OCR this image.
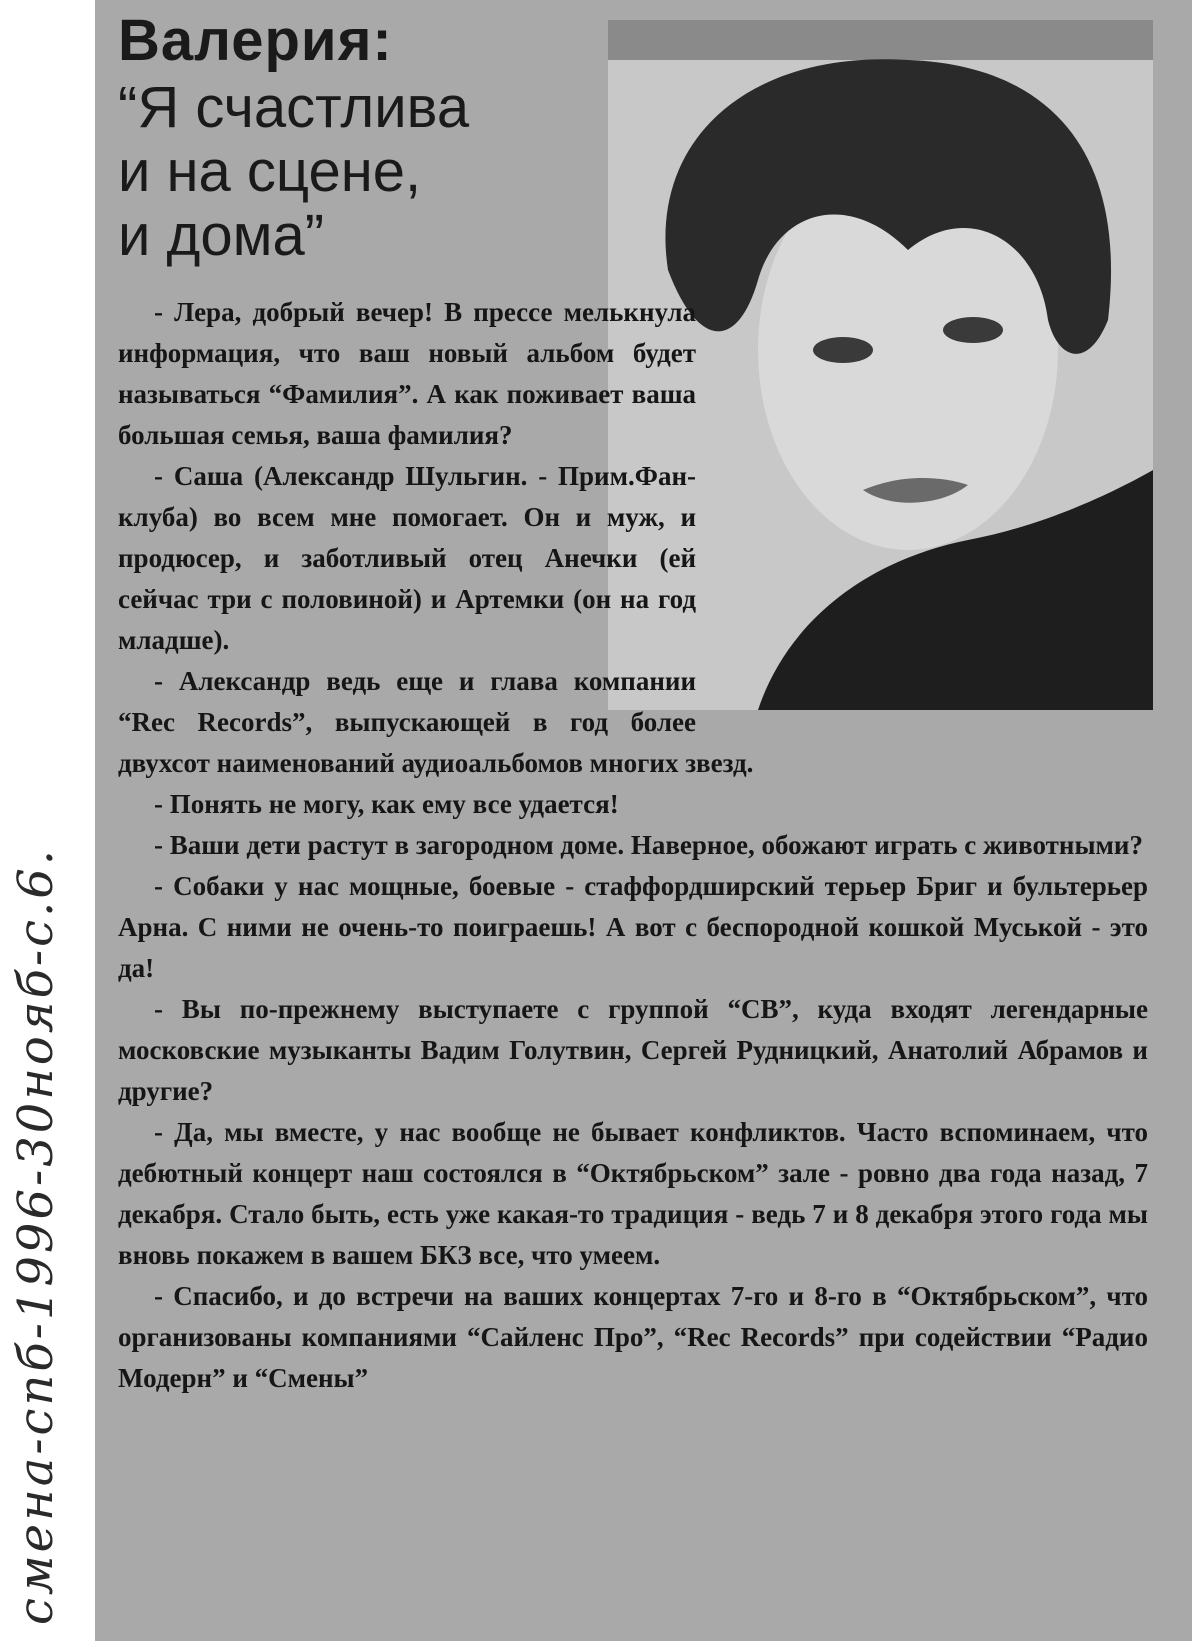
смена-спб-1996-30нояб-с.6.
Валерия:
“Я счастлива
и на сцене,
и дома”

- Лера, добрый вечер! В прессе мелькнула информация, что ваш новый альбом будет называться “Фамилия”. А как поживает ваша большая семья, ваша фамилия?

- Саша (Александр Шульгин. - Прим.Фан-клуба) во всем мне помогает. Он и муж, и продюсер, и заботливый отец Анечки (ей сейчас три с половиной) и Артемки (он на год младше).

- Александр ведь еще и глава компании “Rec Records”, выпускающей в год более двухсот наименований аудиоальбомов многих звезд.

- Понять не могу, как ему все удается!

- Ваши дети растут в загородном доме. Наверное, обожают играть с животными?

- Собаки у нас мощные, боевые - стаффордширский терьер Бриг и бультерьер Арна. С ними не очень-то поиграешь! А вот с беспородной кошкой Муськой - это да!

- Вы по-прежнему выступаете с группой “СВ”, куда входят легендарные московские музыканты Вадим Голутвин, Сергей Рудницкий, Анатолий Абрамов и другие?

- Да, мы вместе, у нас вообще не бывает конфликтов. Часто вспоминаем, что дебютный концерт наш состоялся в “Октябрьском” зале - ровно два года назад, 7 декабря. Стало быть, есть уже какая-то традиция - ведь 7 и 8 декабря этого года мы вновь покажем в вашем БКЗ все, что умеем.

- Спасибо, и до встречи на ваших концертах 7-го и 8-го в “Октябрьском”, что организованы компаниями “Сайленс Про”, “Rec Records” при содействии “Радио Модерн” и “Смены”
